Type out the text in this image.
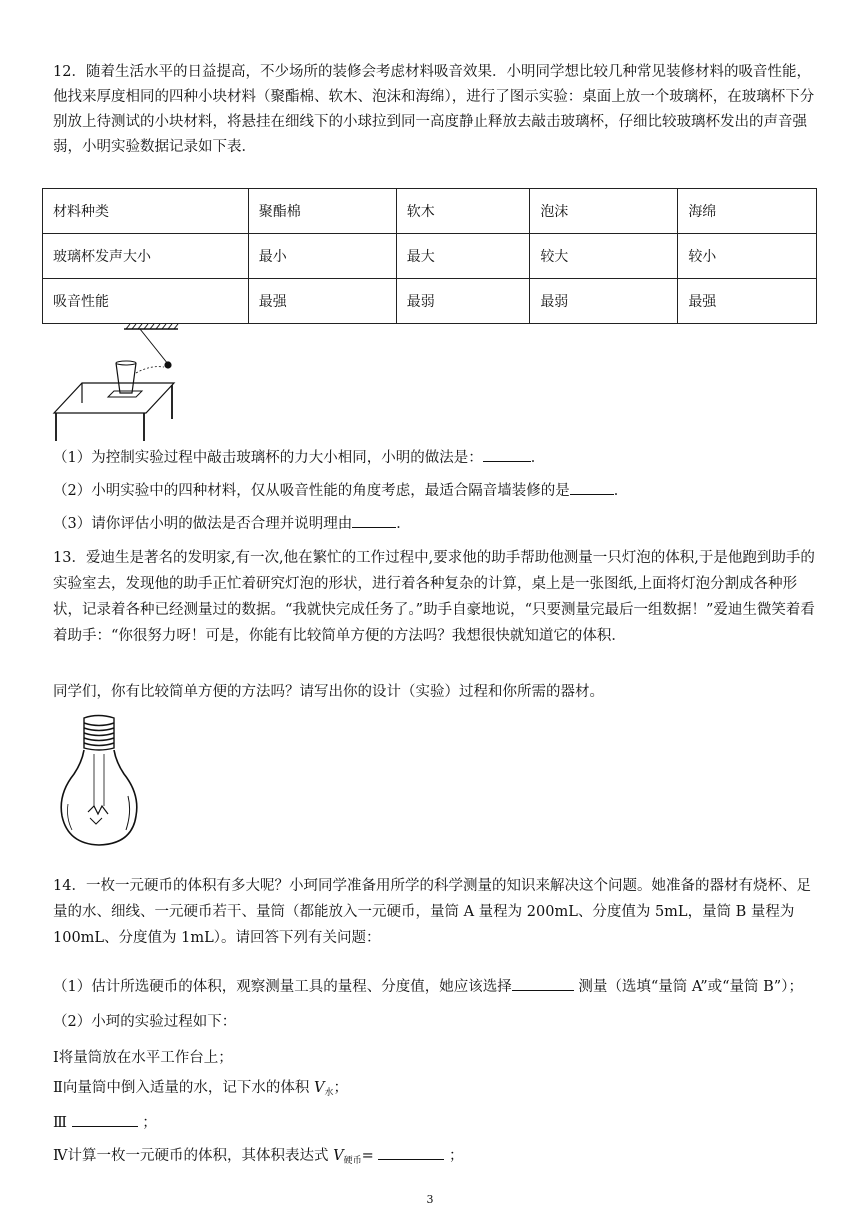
12．随着生活水平的日益提高，不少场所的装修会考虑材料吸音效果．小明同学想比较几种常见装修材料的吸音性能，他找来厚度相同的四种小块材料（聚酯棉、软木、泡沫和海绵），进行了图示实验：桌面上放一个玻璃杯，在玻璃杯下分别放上待测试的小块材料，将悬挂在细线下的小球拉到同一高度静止释放去敲击玻璃杯，仔细比较玻璃杯发出的声音强弱，小明实验数据记录如下表．

材料种类	聚酯棉	软木	泡沫	海绵
玻璃杯发声大小	最小	最大	较大	较小
吸音性能	最强	最弱	最弱	最强

（1）为控制实验过程中敲击玻璃杯的力大小相同，小明的做法是：	．

（2）小明实验中的四种材料，仅从吸音性能的角度考虑，最适合隔音墙装修的是	．

（3）请你评估小明的做法是否合理并说明理由	．

13．爱迪生是著名的发明家,有一次,他在繁忙的工作过程中,要求他的助手帮助他测量一只灯泡的体积,于是他跑到助手的实验室去，发现他的助手正忙着研究灯泡的形状，进行着各种复杂的计算，桌上是一张图纸,上面将灯泡分割成各种形状，记录着各种已经测量过的数据。“我就快完成任务了。”助手自豪地说，“只要测量完最后一组数据！”爱迪生微笑着看着助手：“你很努力呀！可是，你能有比较简单方便的方法吗？我想很快就知道它的体积．

同学们，你有比较简单方便的方法吗？请写出你的设计（实验）过程和你所需的器材。

14．一枚一元硬币的体积有多大呢？小珂同学准备用所学的科学测量的知识来解决这个问题。她准备的器材有烧杯、足量的水、细线、一元硬币若干、量筒（都能放入一元硬币，量筒 A 量程为 200mL、分度值为 5mL，量筒 B 量程为 100mL、分度值为 1mL）。请回答下列有关问题：

（1）估计所选硬币的体积，观察测量工具的量程、分度值，她应该选择	测量（选填“量筒 A”或“量筒 B”）；

（2）小珂的实验过程如下：

Ⅰ将量筒放在水平工作台上；

Ⅱ向量筒中倒入适量的水，记下水的体积 $V_水$；

Ⅲ	；

Ⅳ计算一枚一元硬币的体积，其体积表达式 $V_{硬币}=$	；

3
